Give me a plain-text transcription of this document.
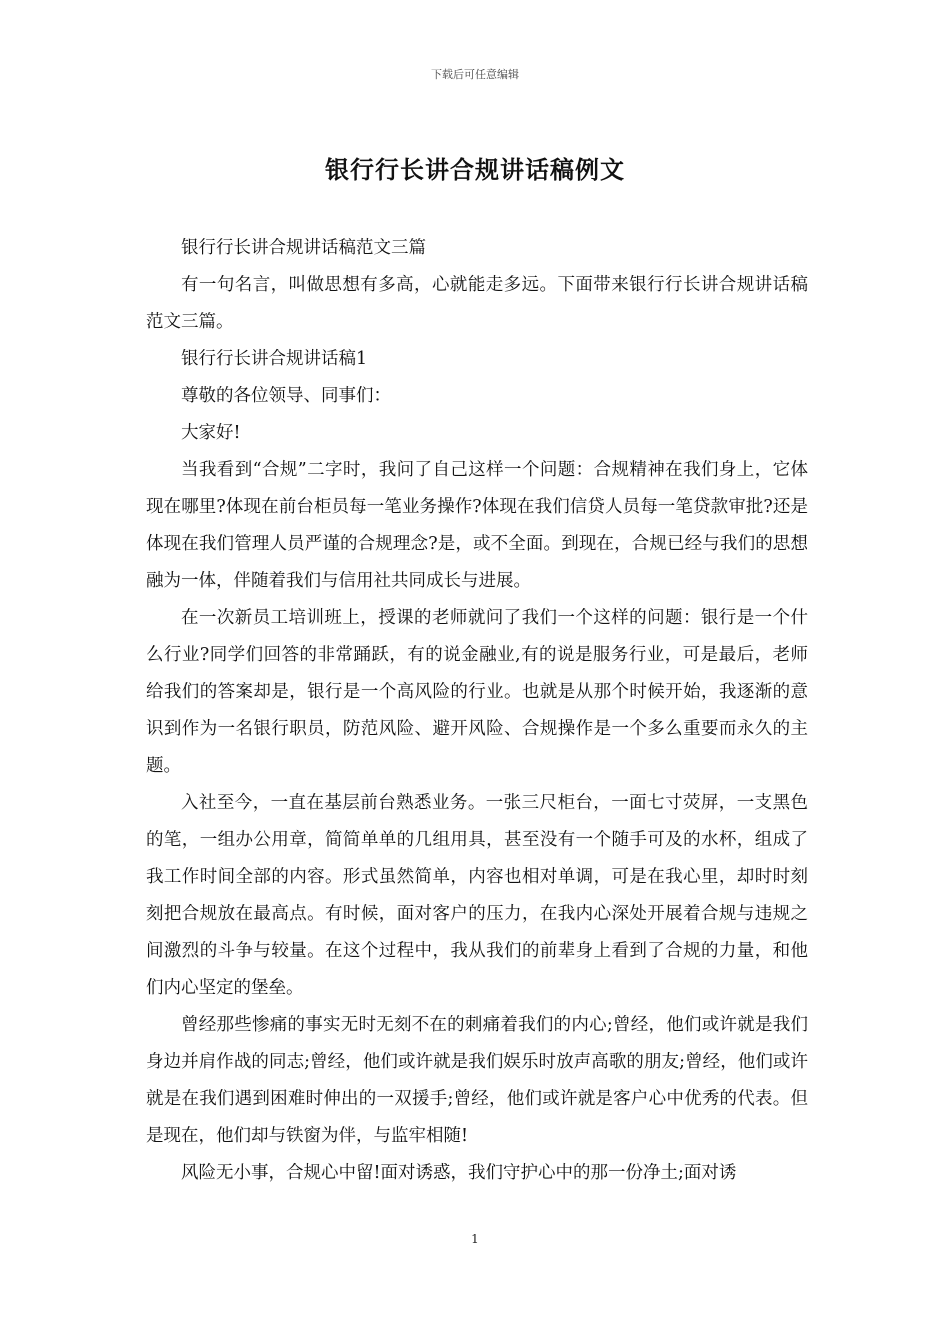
下载后可任意编辑
银行行长讲合规讲话稿例文

银行行长讲合规讲话稿范文三篇

有一句名言，叫做思想有多高，心就能走多远。下面带来银行行长讲合规讲话稿范文三篇。

银行行长讲合规讲话稿1

尊敬的各位领导、同事们：

大家好!

当我看到“合规”二字时，我问了自己这样一个问题：合规精神在我们身上，它体现在哪里?体现在前台柜员每一笔业务操作?体现在我们信贷人员每一笔贷款审批?还是体现在我们管理人员严谨的合规理念?是，或不全面。到现在，合规已经与我们的思想融为一体，伴随着我们与信用社共同成长与进展。

在一次新员工培训班上，授课的老师就问了我们一个这样的问题：银行是一个什么行业?同学们回答的非常踊跃，有的说金融业,有的说是服务行业，可是最后，老师给我们的答案却是，银行是一个高风险的行业。也就是从那个时候开始，我逐渐的意识到作为一名银行职员，防范风险、避开风险、合规操作是一个多么重要而永久的主题。

入社至今，一直在基层前台熟悉业务。一张三尺柜台，一面七寸荧屏，一支黑色的笔，一组办公用章，简简单单的几组用具，甚至没有一个随手可及的水杯，组成了我工作时间全部的内容。形式虽然简单，内容也相对单调，可是在我心里，却时时刻刻把合规放在最高点。有时候，面对客户的压力，在我内心深处开展着合规与违规之间激烈的斗争与较量。在这个过程中，我从我们的前辈身上看到了合规的力量，和他们内心坚定的堡垒。

曾经那些惨痛的事实无时无刻不在的刺痛着我们的内心;曾经，他们或许就是我们身边并肩作战的同志;曾经，他们或许就是我们娱乐时放声高歌的朋友;曾经，他们或许就是在我们遇到困难时伸出的一双援手;曾经，他们或许就是客户心中优秀的代表。但是现在，他们却与铁窗为伴，与监牢相随!

风险无小事，合规心中留!面对诱惑，我们守护心中的那一份净土;面对诱

1
